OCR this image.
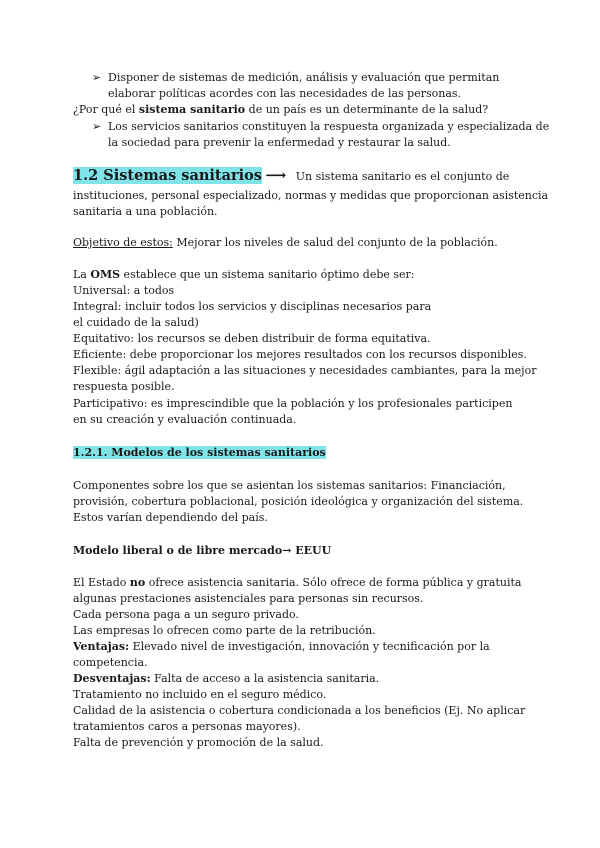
➢ Disponer de sistemas de medición, análisis y evaluación que permitan
elaborar políticas acordes con las necesidades de las personas.
¿Por qué el sistema sanitario de un país es un determinante de la salud?
➢ Los servicios sanitarios constituyen la respuesta organizada y especializada de
la sociedad para prevenir la enfermedad y restaurar la salud.
1.2 Sistemas sanitarios ⟶ Un sistema sanitario es el conjunto de
instituciones, personal especializado, normas y medidas que proporcionan asistencia
sanitaria a una población.
Objetivo de estos: Mejorar los niveles de salud del conjunto de la población.
La OMS establece que un sistema sanitario óptimo debe ser:
Universal: a todos
Integral: incluir todos los servicios y disciplinas necesarios para
el cuidado de la salud)
Equitativo: los recursos se deben distribuir de forma equitativa.
Eficiente: debe proporcionar los mejores resultados con los recursos disponibles.
Flexible: ágil adaptación a las situaciones y necesidades cambiantes, para la mejor
respuesta posible.
Participativo: es imprescindible que la población y los profesionales participen
en su creación y evaluación continuada.
1.2.1. Modelos de los sistemas sanitarios
Componentes sobre los que se asientan los sistemas sanitarios: Financiación,
provisión, cobertura poblacional, posición ideológica y organización del sistema.
Estos varían dependiendo del país.
Modelo liberal o de libre mercado→ EEUU
El Estado no ofrece asistencia sanitaria. Sólo ofrece de forma pública y gratuita
algunas prestaciones asistenciales para personas sin recursos.
Cada persona paga a un seguro privado.
Las empresas lo ofrecen como parte de la retribución.
Ventajas: Elevado nivel de investigación, innovación y tecnificación por la
competencia.
Desventajas: Falta de acceso a la asistencia sanitaria.
Tratamiento no incluido en el seguro médico.
Calidad de la asistencia o cobertura condicionada a los beneficios (Ej. No aplicar
tratamientos caros a personas mayores).
Falta de prevención y promoción de la salud.
